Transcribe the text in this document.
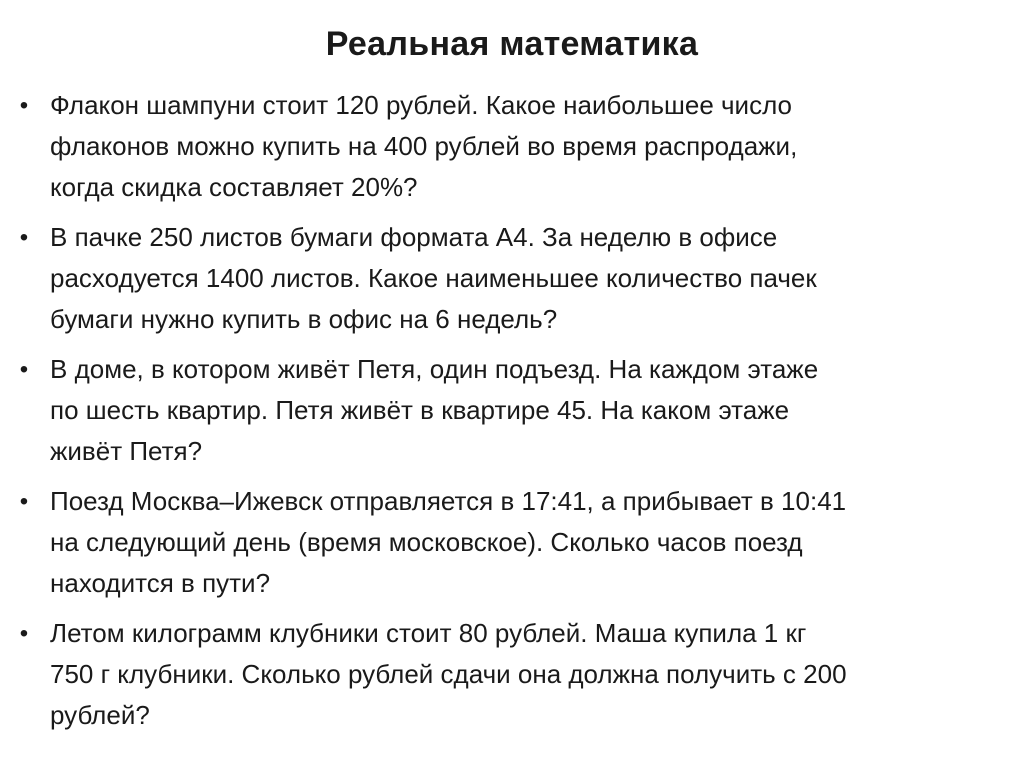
Реальная математика
• Флакон шампуни стоит 120 рублей. Какое наибольшее число
флаконов можно купить на 400 рублей во время распродажи,
когда скидка составляет 20%?
• В пачке 250 листов бумаги формата А4. За неделю в офисе
расходуется 1400 листов. Какое наименьшее количество пачек
бумаги нужно купить в офис на 6 недель?
• В доме, в котором живёт Петя, один подъезд. На каждом этаже
по шесть квартир. Петя живёт в квартире 45. На каком этаже
живёт Петя?
• Поезд Москва–Ижевск отправляется в 17:41, а прибывает в 10:41
на следующий день (время московское). Сколько часов поезд
находится в пути?
• Летом килограмм клубники стоит 80 рублей. Маша купила 1 кг
750 г клубники. Сколько рублей сдачи она должна получить с 200
рублей?
